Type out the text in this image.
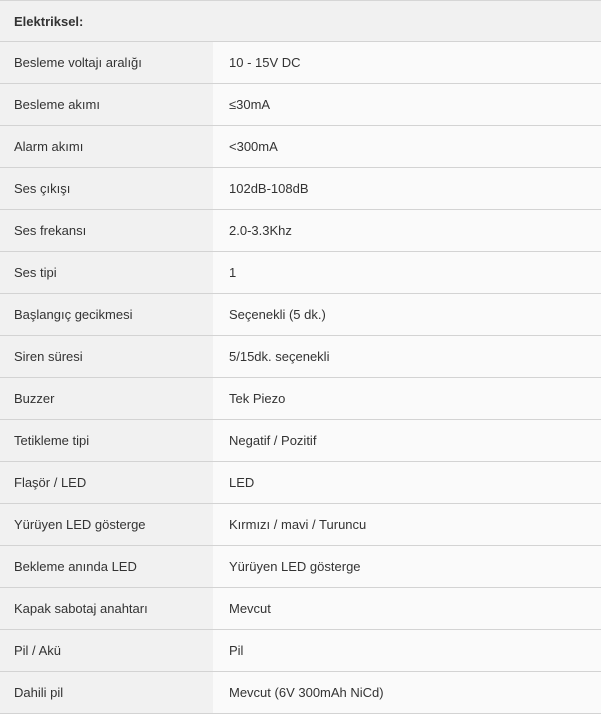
Elektriksel:	
Besleme voltajı aralığı	10 - 15V DC
Besleme akımı	≤30mA
Alarm akımı	<300mA
Ses çıkışı	102dB-108dB
Ses frekansı	2.0-3.3Khz
Ses tipi	1
Başlangıç gecikmesi	Seçenekli (5 dk.)
Siren süresi	5/15dk. seçenekli
Buzzer	Tek Piezo
Tetikleme tipi	Negatif / Pozitif
Flaşör / LED	LED
Yürüyen LED gösterge	Kırmızı / mavi / Turuncu
Bekleme anında LED	Yürüyen LED gösterge
Kapak sabotaj anahtarı	Mevcut
Pil / Akü	Pil
Dahili pil	Mevcut (6V 300mAh NiCd)
